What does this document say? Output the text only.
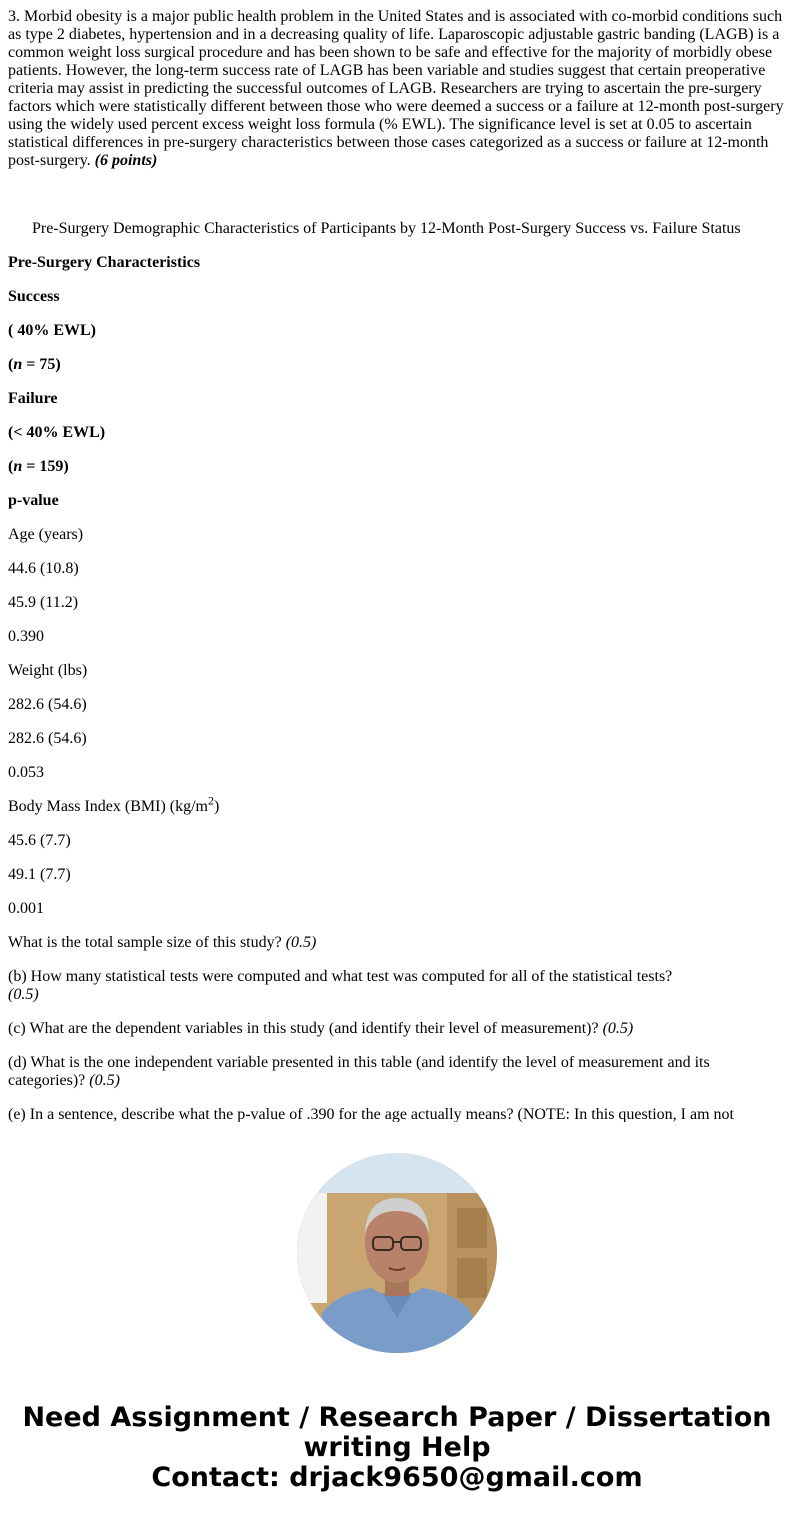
3. Morbid obesity is a major public health problem in the United States and is associated with co-morbid conditions such as type 2 diabetes, hypertension and in a decreasing quality of life. Laparoscopic adjustable gastric banding (LAGB) is a common weight loss surgical procedure and has been shown to be safe and effective for the majority of morbidly obese patients. However, the long-term success rate of LAGB has been variable and studies suggest that certain preoperative criteria may assist in predicting the successful outcomes of LAGB. Researchers are trying to ascertain the pre-surgery factors which were statistically different between those who were deemed a success or a failure at 12-month post-surgery using the widely used percent excess weight loss formula (% EWL). The significance level is set at 0.05 to ascertain statistical differences in pre-surgery characteristics between those cases categorized as a success or failure at 12-month post-surgery. (6 points)

Pre-Surgery Demographic Characteristics of Participants by 12-Month Post-Surgery Success vs. Failure Status

Pre-Surgery Characteristics

Success

( 40% EWL)

(n = 75)

Failure

(< 40% EWL)

(n = 159)

p-value

Age (years)

44.6 (10.8)

45.9 (11.2)

0.390

Weight (lbs)

282.6 (54.6)

282.6 (54.6)

0.053

Body Mass Index (BMI) $(kg/m^2)$

45.6 (7.7)

49.1 (7.7)

0.001

What is the total sample size of this study? (0.5)

(b) How many statistical tests were computed and what test was computed for all of the statistical tests?
(0.5)

(c) What are the dependent variables in this study (and identify their level of measurement)? (0.5)

(d) What is the one independent variable presented in this table (and identify the level of measurement and its categories)? (0.5)

(e) In a sentence, describe what the p-value of .390 for the age actually means? (NOTE: In this question, I am not

Need Assignment / Research Paper / Dissertation
writing Help
Contact: drjack9650@gmail.com
